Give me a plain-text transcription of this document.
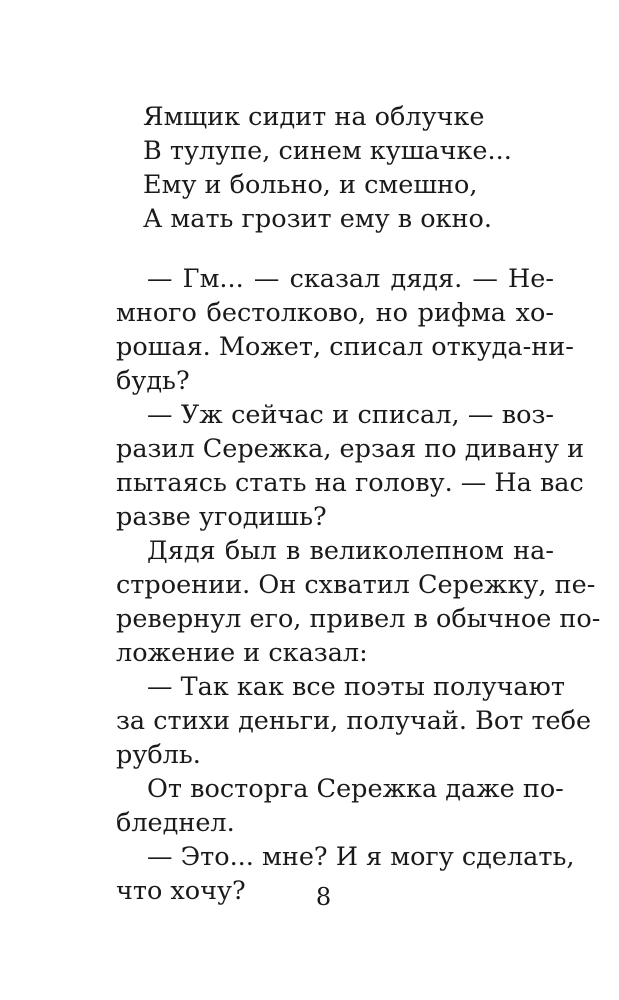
Ямщик сидит на облучке
В тулупе, синем кушачке...
Ему и больно, и смешно,
А мать грозит ему в окно.
— Гм... — сказал дядя. — Не-
много бестолково, но рифма хо-
рошая. Может, списал откуда-ни-
будь?
— Уж сейчас и списал, — воз-
разил Сережка, ерзая по дивану и
пытаясь стать на голову. — На вас
разве угодишь?
Дядя был в великолепном на-
строении. Он схватил Сережку, пе-
ревернул его, привел в обычное по-
ложение и сказал:
— Так как все поэты получают
за стихи деньги, получай. Вот тебе
рубль.
От восторга Сережка даже по-
бледнел.
— Это... мне? И я могу сделать,
что хочу?	8
